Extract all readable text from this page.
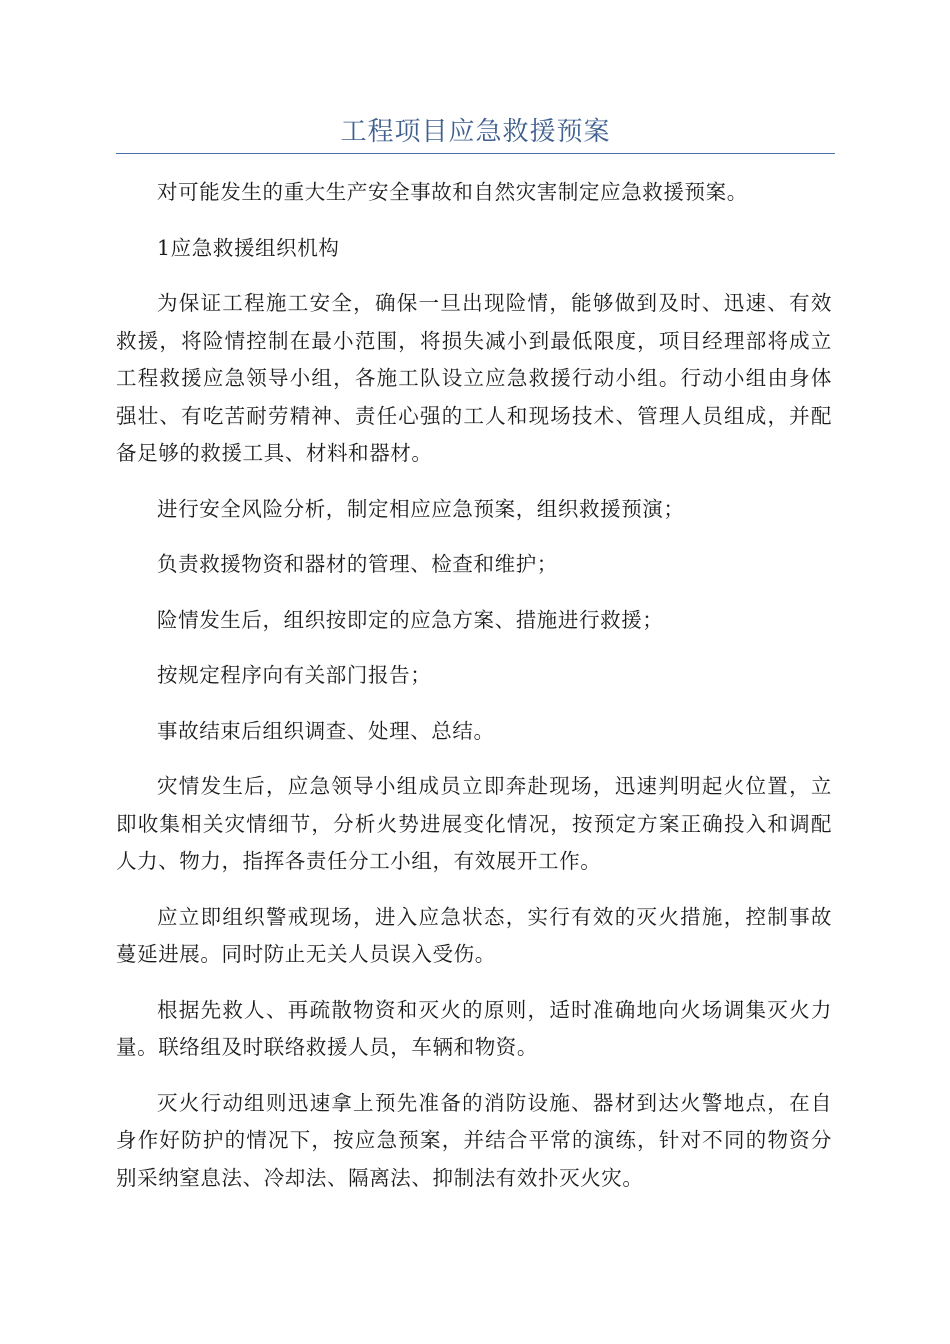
工程项目应急救援预案

对可能发生的重大生产安全事故和自然灾害制定应急救援预案。

1应急救援组织机构

为保证工程施工安全，确保一旦出现险情，能够做到及时、迅速、有效救援，将险情控制在最小范围，将损失减小到最低限度，项目经理部将成立工程救援应急领导小组，各施工队设立应急救援行动小组。行动小组由身体强壮、有吃苦耐劳精神、责任心强的工人和现场技术、管理人员组成，并配备足够的救援工具、材料和器材。

进行安全风险分析，制定相应应急预案，组织救援预演；

负责救援物资和器材的管理、检查和维护；

险情发生后，组织按即定的应急方案、措施进行救援；

按规定程序向有关部门报告；

事故结束后组织调查、处理、总结。

灾情发生后，应急领导小组成员立即奔赴现场，迅速判明起火位置，立即收集相关灾情细节，分析火势进展变化情况，按预定方案正确投入和调配人力、物力，指挥各责任分工小组，有效展开工作。

应立即组织警戒现场，进入应急状态，实行有效的灭火措施，控制事故蔓延进展。同时防止无关人员误入受伤。

根据先救人、再疏散物资和灭火的原则，适时准确地向火场调集灭火力量。联络组及时联络救援人员，车辆和物资。

灭火行动组则迅速拿上预先准备的消防设施、器材到达火警地点，在自身作好防护的情况下，按应急预案，并结合平常的演练，针对不同的物资分别采纳窒息法、冷却法、隔离法、抑制法有效扑灭火灾。
